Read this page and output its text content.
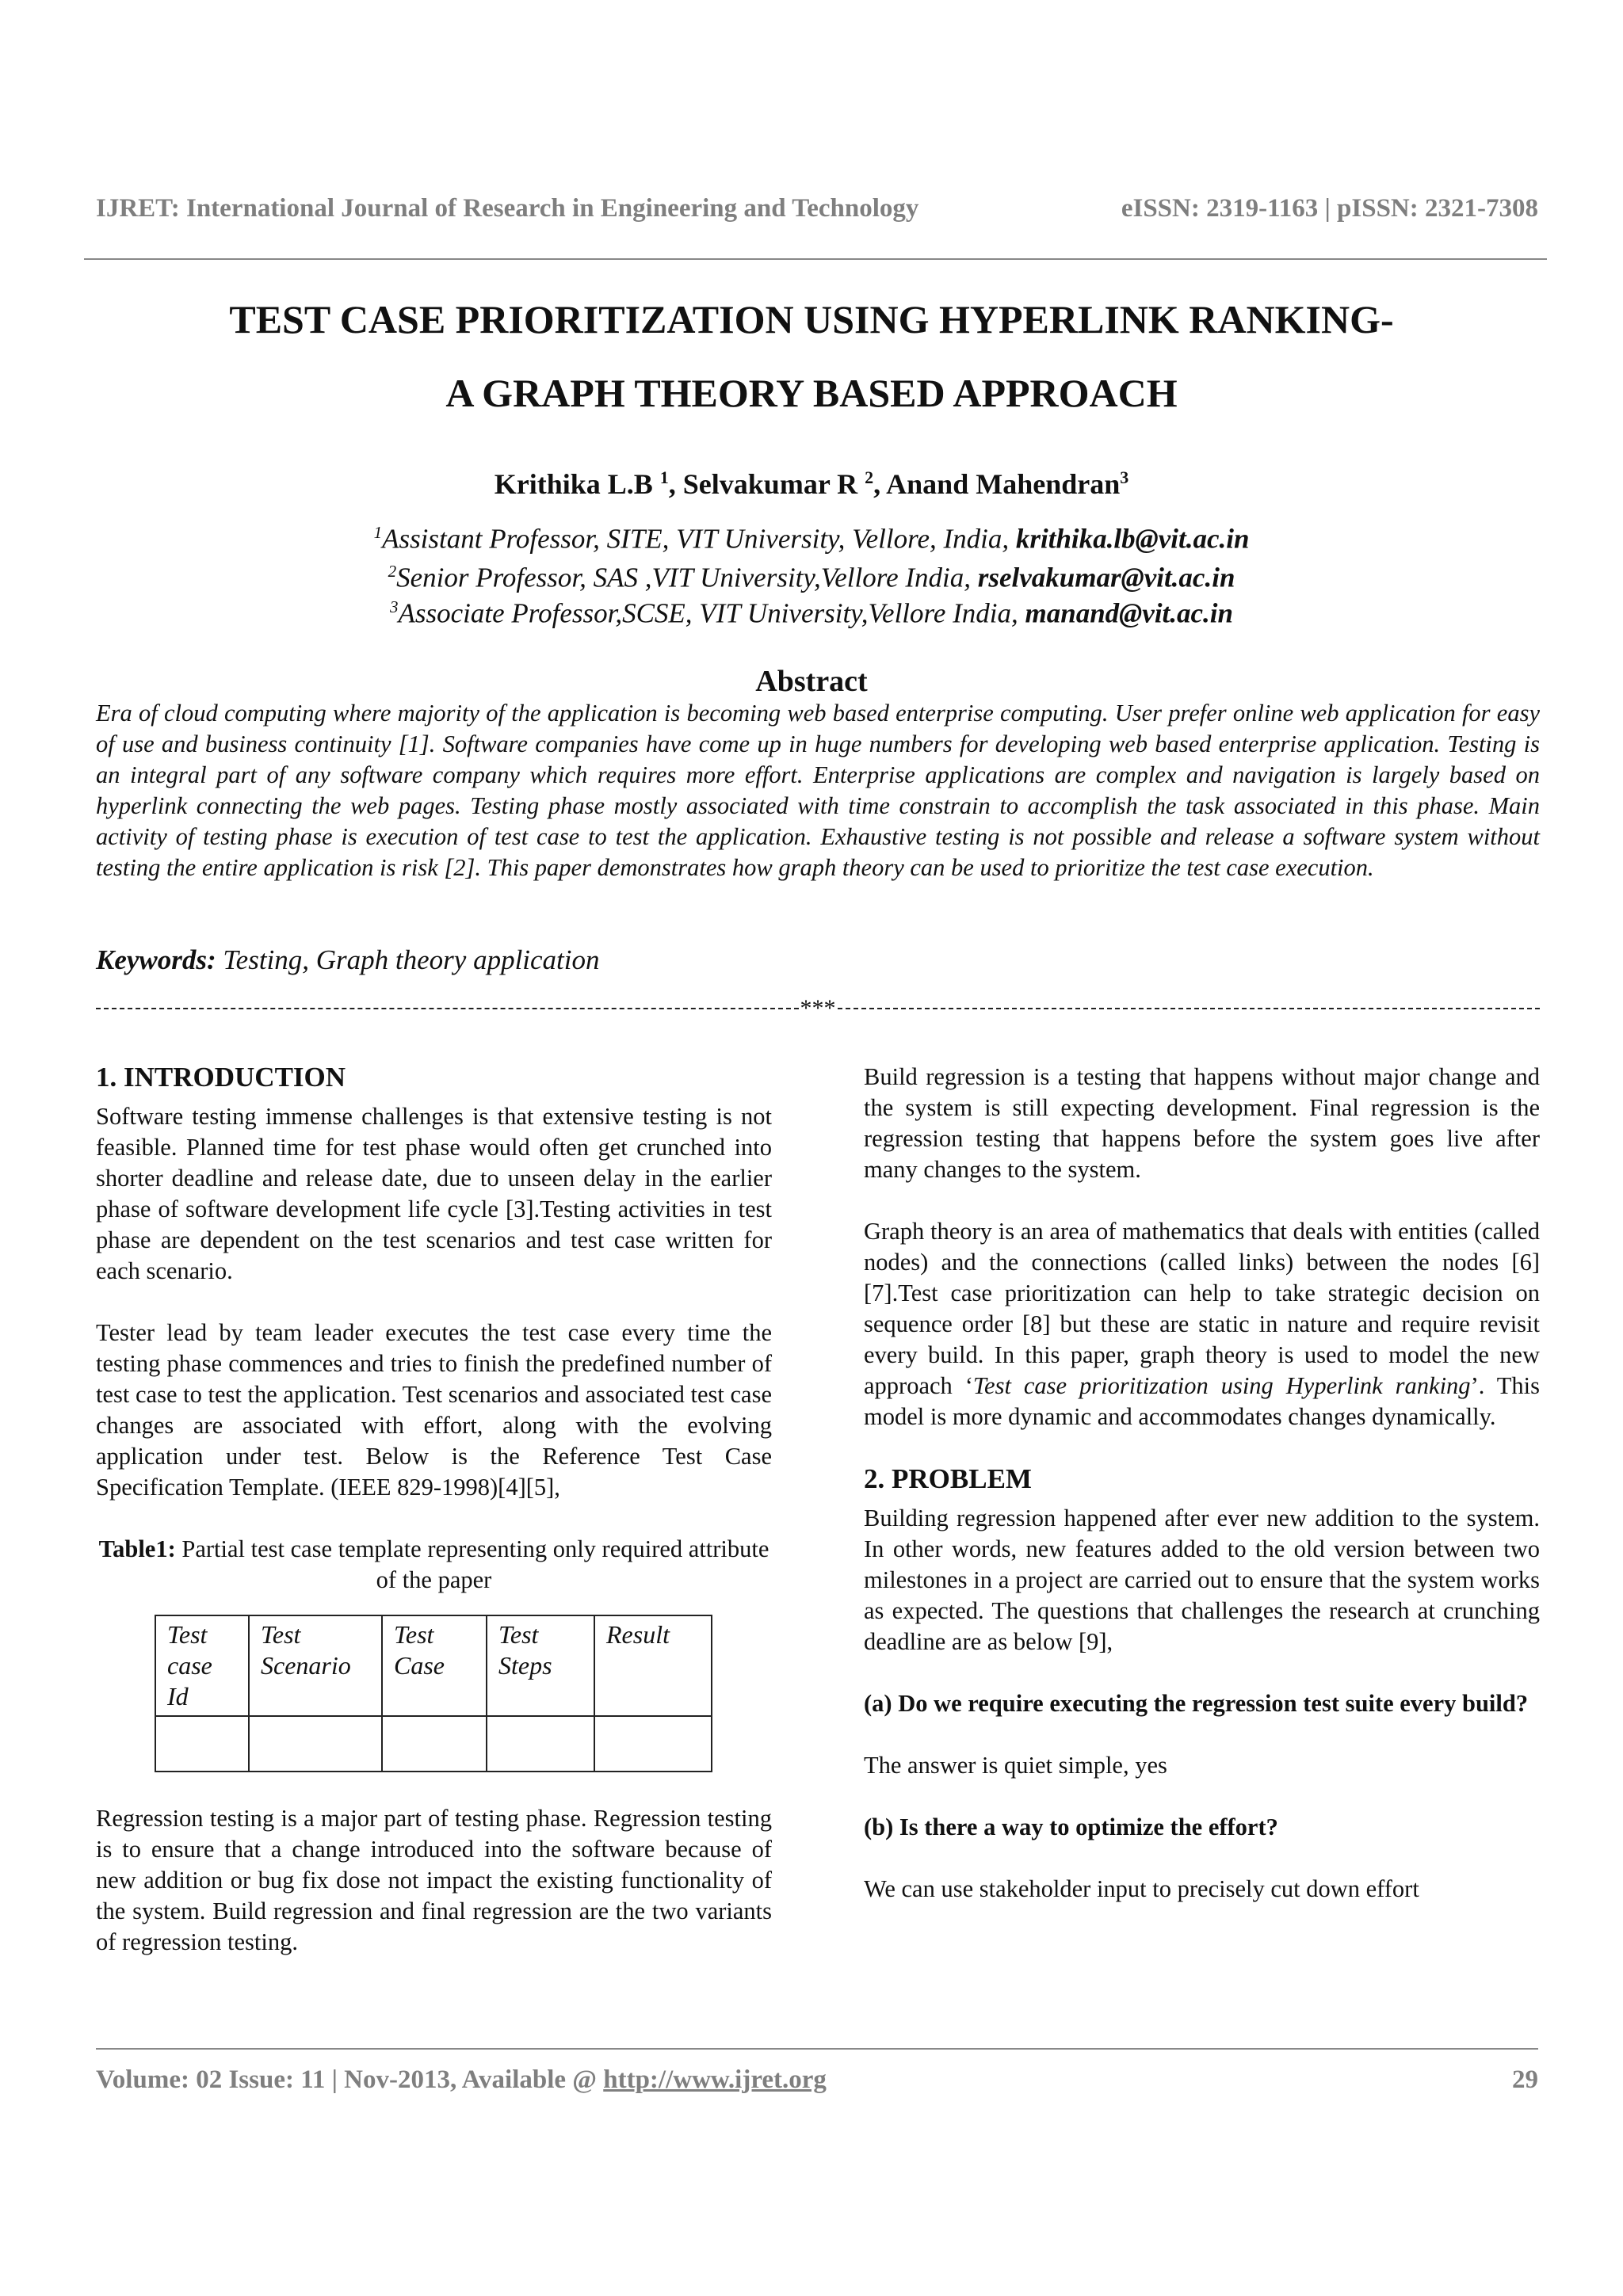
IJRET: International Journal of Research in Engineering and Technology	eISSN: 2319-1163 | pISSN: 2321-7308
TEST CASE PRIORITIZATION USING HYPERLINK RANKING-
A GRAPH THEORY BASED APPROACH
Krithika L.B $^1$, Selvakumar R $^2$, Anand Mahendran$^3$
$^1$Assistant Professor, SITE, VIT University, Vellore, India, krithika.lb@vit.ac.in
$^2$Senior Professor, SAS ,VIT University,Vellore India, rselvakumar@vit.ac.in
$^3$Associate Professor,SCSE, VIT University,Vellore India, manand@vit.ac.in
Abstract
Era of cloud computing where majority of the application is becoming web based enterprise computing. User prefer online web application for easy of use and business continuity [1]. Software companies have come up in huge numbers for developing web based enterprise application. Testing is an integral part of any software company which requires more effort. Enterprise applications are complex and navigation is largely based on hyperlink connecting the web pages. Testing phase mostly associated with time constrain to accomplish the task associated in this phase. Main activity of testing phase is execution of test case to test the application. Exhaustive testing is not possible and release a software system without testing the entire application is risk [2]. This paper demonstrates how graph theory can be used to prioritize the test case execution.
Keywords: Testing, Graph theory application
***

1. INTRODUCTION

Software testing immense challenges is that extensive testing is not feasible. Planned time for test phase would often get crunched into shorter deadline and release date, due to unseen delay in the earlier phase of software development life cycle [3].Testing activities in test phase are dependent on the test scenarios and test case written for each scenario.

Tester lead by team leader executes the test case every time the testing phase commences and tries to finish the predefined number of test case to test the application. Test scenarios and associated test case changes are associated with effort, along with the evolving application under test. Below is the Reference Test Case Specification Template. (IEEE 829-1998)[4][5],

Table1: Partial test case template representing only required attribute of the paper

Test case Id	Test Scenario	Test Case	Test Steps	Result

Regression testing is a major part of testing phase. Regression testing is to ensure that a change introduced into the software because of new addition or bug fix dose not impact the existing functionality of the system. Build regression and final regression are the two variants of regression testing.

Build regression is a testing that happens without major change and the system is still expecting development. Final regression is the regression testing that happens before the system goes live after many changes to the system.

Graph theory is an area of mathematics that deals with entities (called nodes) and the connections (called links) between the nodes [6][7].Test case prioritization can help to take strategic decision on sequence order [8] but these are static in nature and require revisit every build. In this paper, graph theory is used to model the new approach ‘Test case prioritization using Hyperlink ranking’. This model is more dynamic and accommodates changes dynamically.

2. PROBLEM

Building regression happened after ever new addition to the system. In other words, new features added to the old version between two milestones in a project are carried out to ensure that the system works as expected. The questions that challenges the research at crunching deadline are as below [9],

(a) Do we require executing the regression test suite every build?

The answer is quiet simple, yes

(b) Is there a way to optimize the effort?

We can use stakeholder input to precisely cut down effort

Volume: 02 Issue: 11 | Nov-2013, Available @ http://www.ijret.org	29
